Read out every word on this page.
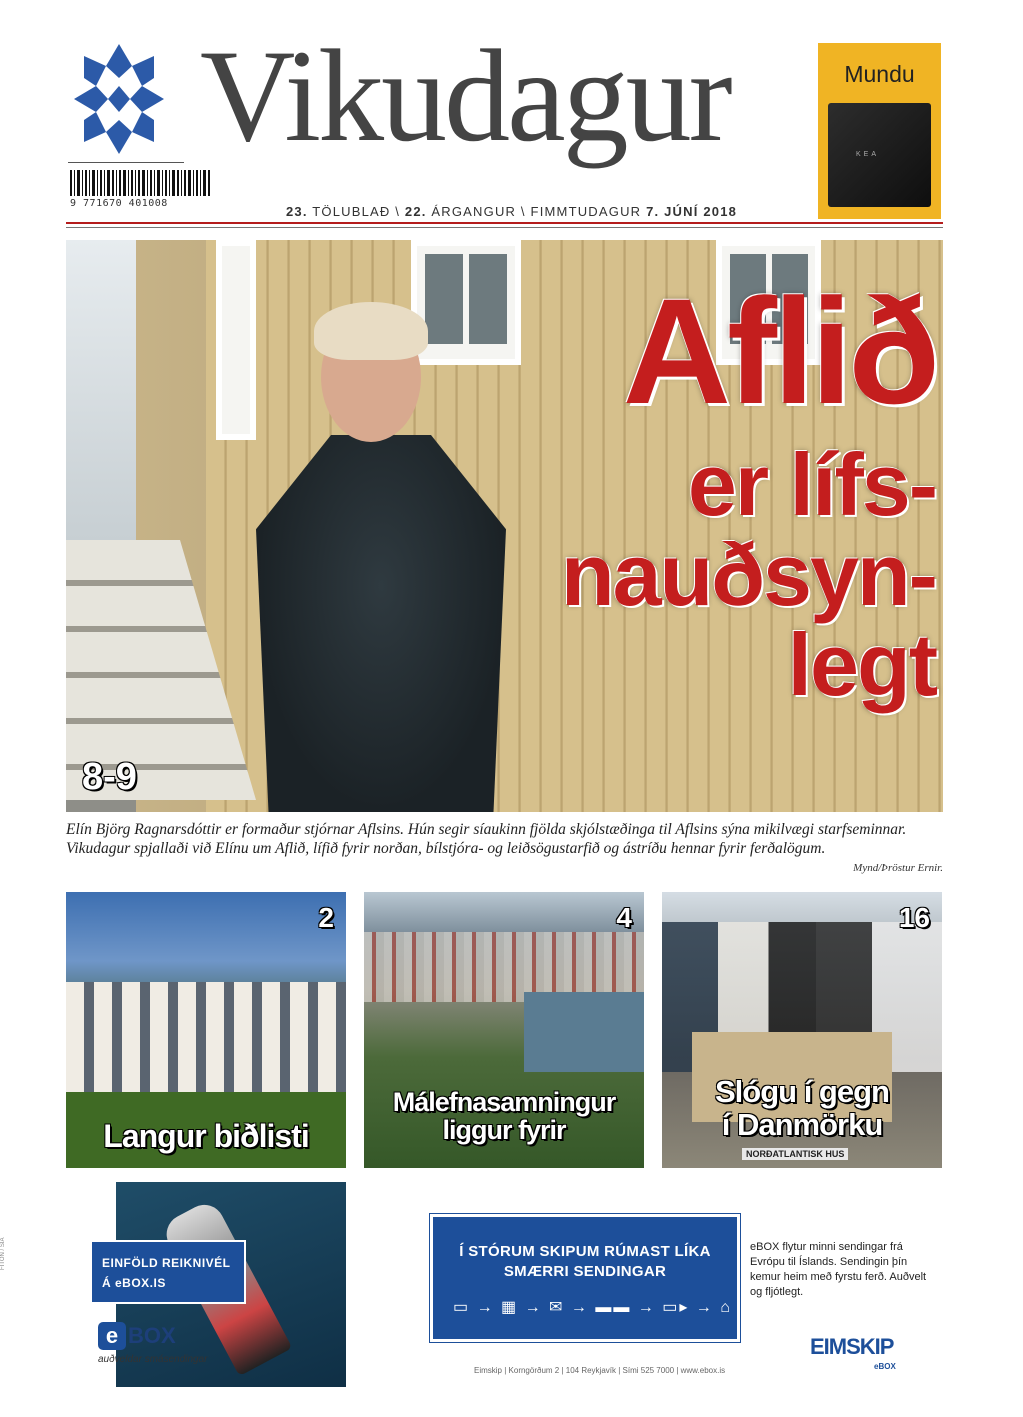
Vikudagur
9 771670 401008
23. TÖLUBLAÐ \ 22. ÁRGANGUR \ FIMMTUDAGUR 7. JÚNÍ 2018
Mundu
KEA
Aflið
er lífs-
nauðsyn-
legt
8-9
Elín Björg Ragnarsdóttir er formaður stjórnar Aflsins. Hún segir síaukinn fjölda skjólstæðinga til Aflsins sýna mikilvægi starfseminnar. Vikudagur spjallaði við Elínu um Aflið, lífið fyrir norðan, bílstjóra- og leiðsögustarfið og ástríðu hennar fyrir ferðalögum.
Mynd/Þröstur Ernir.
2
Langur biðlisti
4
Málefnasamningur
liggur fyrir
16
Slógu í gegn
í Danmörku
NORÐATLANTISK HUS
EINFÖLD REIKNIVÉL
Á eBOX.IS
Í STÓRUM SKIPUM RÚMAST LÍKA
SMÆRRI SENDINGAR
▭ → ▦ → ✉ → ▬▬ → ▭▸ → ⌂
eBOX flytur minni sendingar frá Evrópu til Íslands. Sendingin þín kemur heim með fyrstu ferð. Auðvelt og fljótlegt.
e BOX
auðveldar smásendingar
Eimskip | Korngörðum 2 | 104 Reykjavík | Sími 525 7000 | www.ebox.is
EIMSKIP
eBOX
FÍTON / SÍA
